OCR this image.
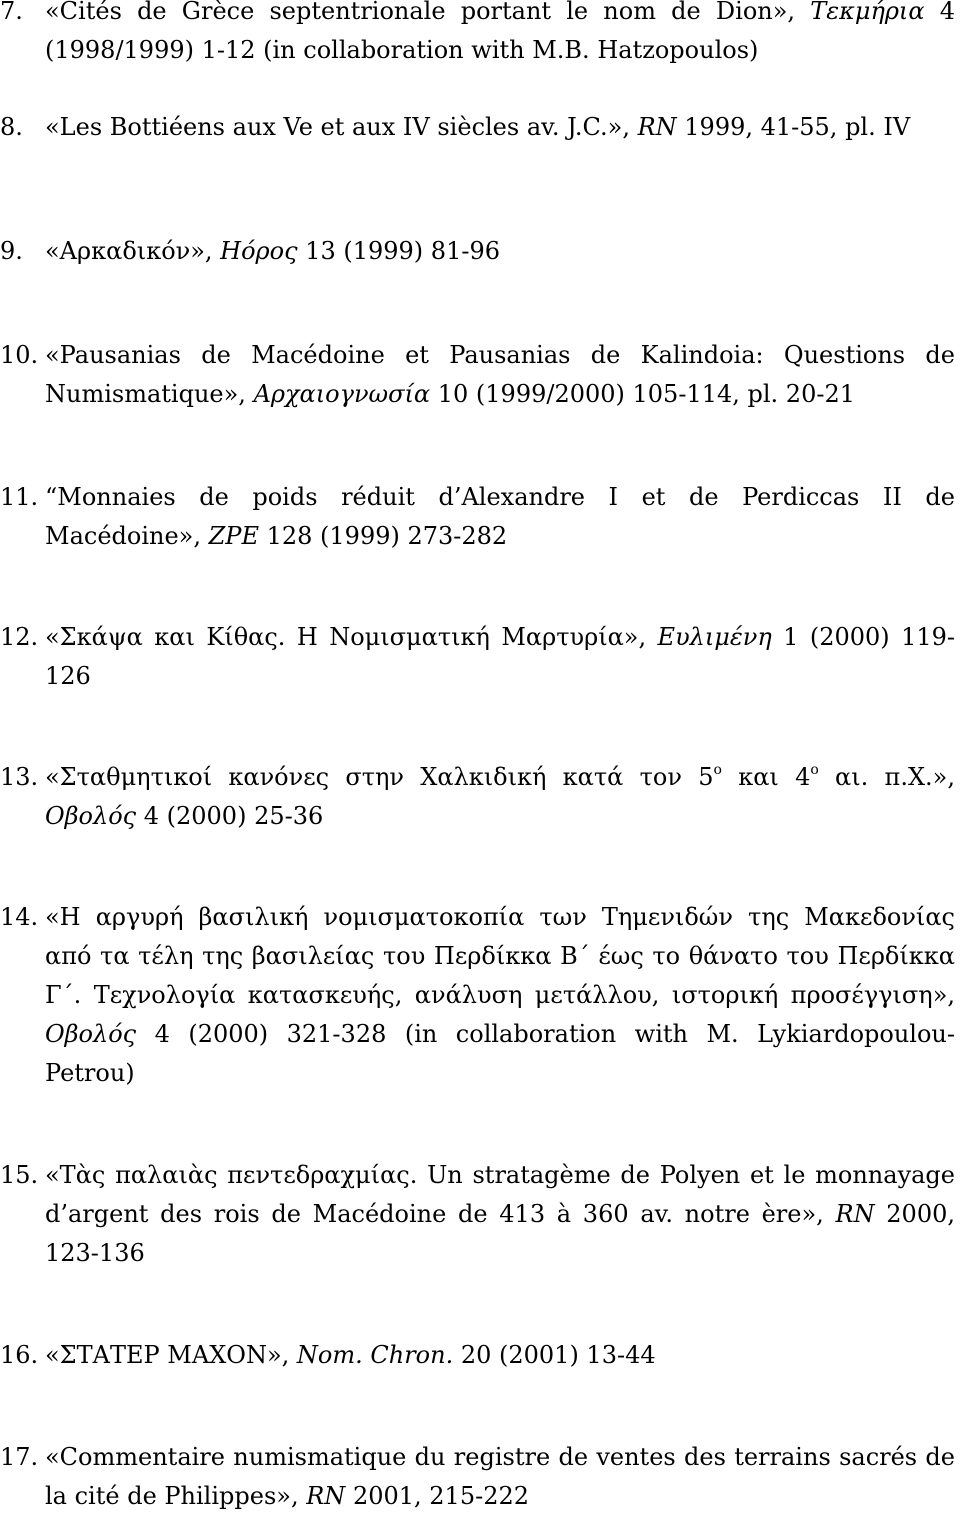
7. «Cités de Grèce septentrionale portant le nom de Dion», Τεκμήρια 4 (1998/1999) 1-12 (in collaboration with M.B. Hatzopoulos)

8. «Les Bottiéens aux Ve et aux IV siècles av. J.C.», RN 1999, 41-55, pl. IV

9. «Αρκαδικόν», Hόρος 13 (1999) 81-96

10. «Pausanias de Macédoine et Pausanias de Kalindoia: Questions de Numismatique», Αρχαιογνωσία 10 (1999/2000) 105-114, pl. 20-21

11. “Monnaies de poids réduit d’Alexandre I et de Perdiccas II de Macédoine», ZPE 128 (1999) 273-282

12. «Σκάψα και Κίθας. Η Νομισματική Μαρτυρία», Ευλιμένη 1 (2000) 119-126

13. «Σταθμητικοί κανόνες στην Χαλκιδική κατά τον $5^o$ και $4^o$ αι. π.Χ.», Οβολός 4 (2000) 25-36

14. «Η αργυρή βασιλική νομισματοκοπία των Τημενιδών της Μακεδονίας από τα τέλη της βασιλείας του Περδίκκα Β΄ έως το θάνατο του Περδίκκα Γ΄. Τεχνολογία κατασκευής, ανάλυση μετάλλου, ιστορική προσέγγιση», Οβολός 4 (2000) 321-328 (in collaboration with M. Lykiardopoulou-Petrou)

15. «Τὰς παλαιὰς πεντεδραχμίας. Un stratagème de Polyen et le monnayage d’argent des rois de Macédoine de 413 à 360 av. notre ère», RN 2000, 123-136

16. «ΣΤΑΤΕΡ ΜΑΧΟΝ», Nom. Chron. 20 (2001) 13-44

17. «Commentaire numismatique du registre de ventes des terrains sacrés de la cité de Philippes», RN 2001, 215-222
